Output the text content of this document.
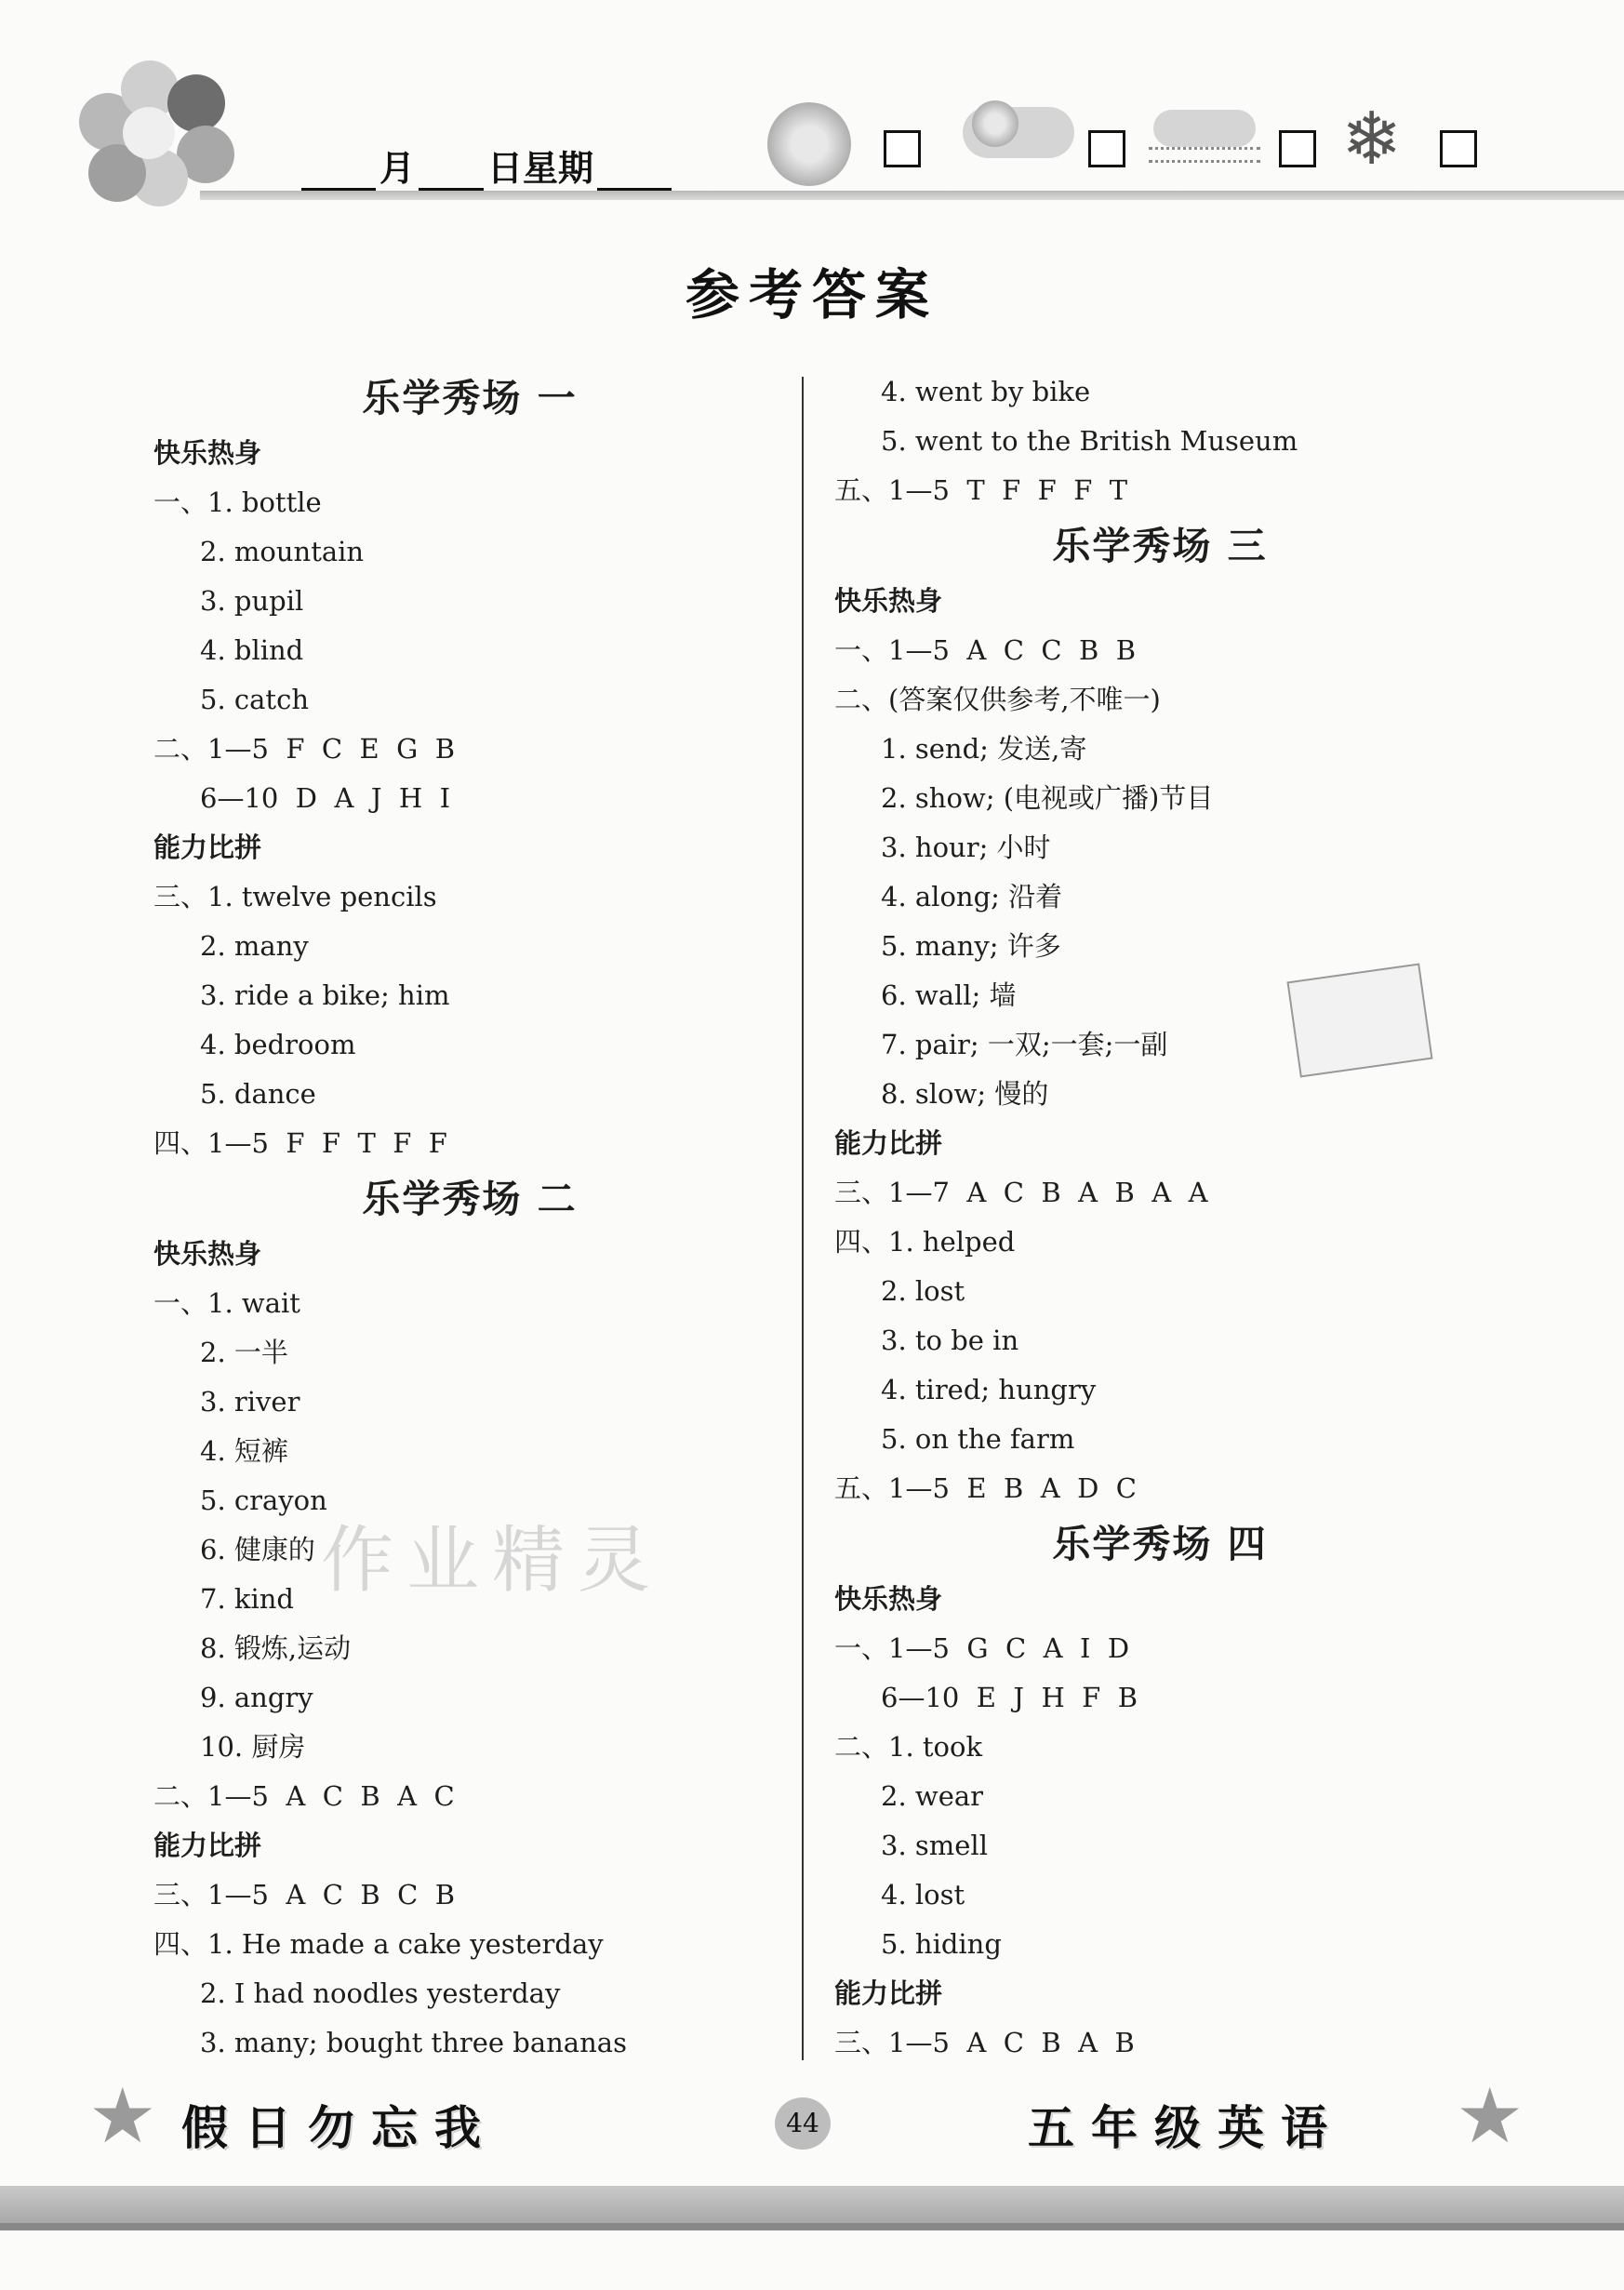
月 日星期	❄
参考答案
乐学秀场 一
快乐热身
一、1. bottle
2. mountain
3. pupil
4. blind
5. catch
二、1—5  F  C  E  G  B
6—10  D  A  J  H  I
能力比拼
三、1. twelve pencils
2. many
3. ride a bike; him
4. bedroom
5. dance
四、1—5  F  F  T  F  F
乐学秀场 二
快乐热身
一、1. wait
2. 一半
3. river
4. 短裤
5. crayon
6. 健康的
7. kind
8. 锻炼,运动
9. angry
10. 厨房
二、1—5  A  C  B  A  C
能力比拼
三、1—5  A  C  B  C  B
四、1. He made a cake yesterday
2. I had noodles yesterday
3. many; bought three bananas
4. went by bike
5. went to the British Museum
五、1—5  T  F  F  F  T
乐学秀场 三
快乐热身
一、1—5  A  C  C  B  B
二、(答案仅供参考,不唯一)
1. send; 发送,寄
2. show; (电视或广播)节目
3. hour; 小时
4. along; 沿着
5. many; 许多
6. wall; 墙
7. pair; 一双;一套;一副
8. slow; 慢的
能力比拼
三、1—7  A  C  B  A  B  A  A
四、1. helped
2. lost
3. to be in
4. tired; hungry
5. on the farm
五、1—5  E  B  A  D  C
乐学秀场 四
快乐热身
一、1—5  G  C  A  I  D
6—10  E  J  H  F  B
二、1. took
2. wear
3. smell
4. lost
5. hiding
能力比拼
三、1—5  A  C  B  A  B
作业精灵
★ 假日勿忘我	44	五年级英语 ★
